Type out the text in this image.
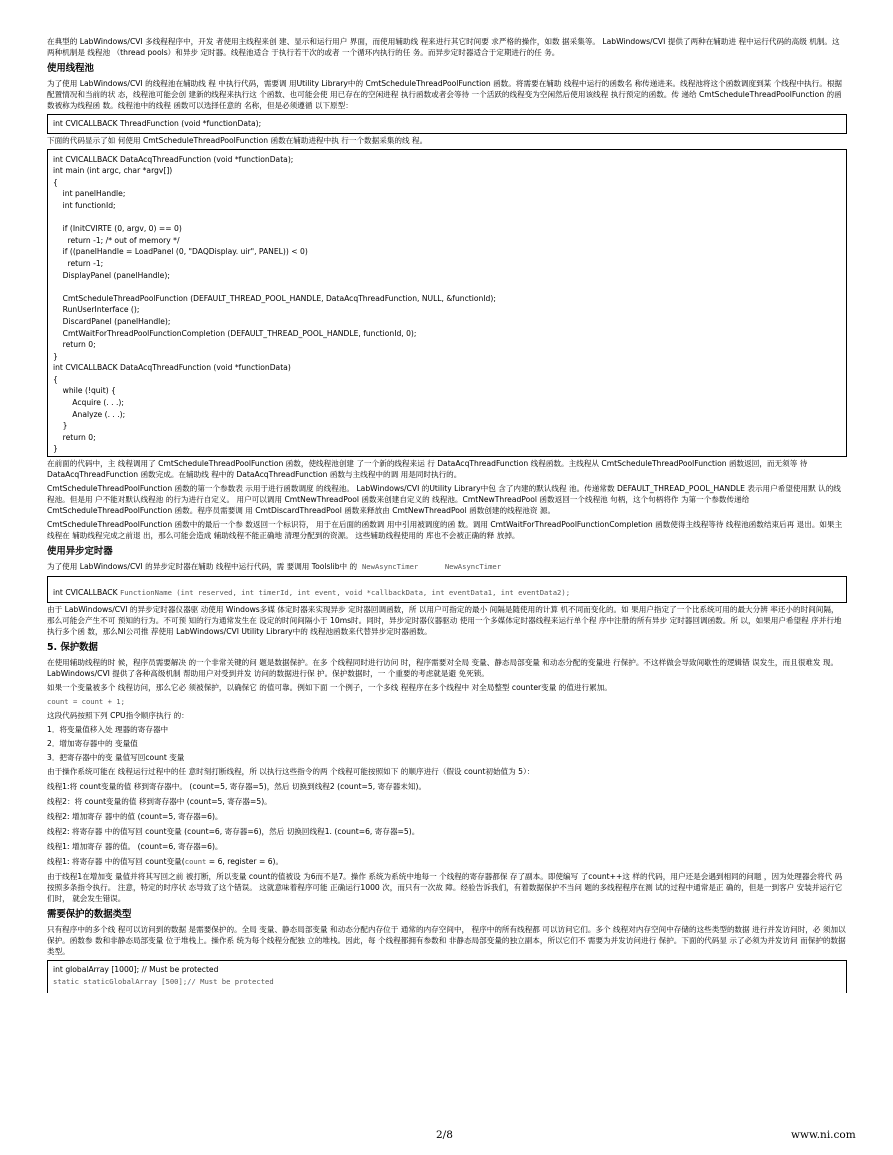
在典型的 LabWindows/CVI 多线程程序中，开发 者使用主线程来创 建、显示和运行用户 界面，而使用辅助线 程来进行其它时间要 求严格的操作，如数 据采集等。 LabWindows/CVI 提供了两种在辅助进 程中运行代码的高级 机制。这两种机制是 线程池 （thread pools）和异步 定时器。线程池适合 于执行若干次的或者 一个循环内执行的任 务。而异步定时器适合于定期进行的任 务。

使用线程池

为了使用 LabWindows/CVI 的线程池在辅助线 程 中执行代码，需要调 用Utility Library中的 CmtScheduleThreadPoolFunction 函数。将需要在辅助 线程中运行的函数名 称传递进来。线程池将这个函数调度到某 个线程中执行。根据 配置情况和当前的状 态，线程池可能会创 建新的线程来执行这 个函数、也可能会使 用已存在的空闲进程 执行函数或者会等待 一个活跃的线程变为空闲然后使用该线程 执行预定的函数。传 递给 CmtScheduleThreadPoolFunction 的函数被称为线程函 数。线程池中的线程 函数可以选择任意的 名称，但是必须遵循 以下原型：

int CVICALLBACK ThreadFunction (void *functionData);

下面的代码显示了如 何使用 CmtScheduleThreadPoolFunction 函数在辅助进程中执 行一个数据采集的线 程。

int CVICALLBACK DataAcqThreadFunction (void *functionData);
int main (int argc, char *argv[])
{
int panelHandle;
int functionId;

if (InitCVIRTE (0, argv, 0) == 0)
return -1; /* out of memory */
if ((panelHandle = LoadPanel (0, "DAQDisplay. uir", PANEL)) < 0)
return -1;
DisplayPanel (panelHandle);

CmtScheduleThreadPoolFunction (DEFAULT_THREAD_POOL_HANDLE, DataAcqThreadFunction, NULL, &functionId);
RunUserInterface ();
DiscardPanel (panelHandle);
CmtWaitForThreadPoolFunctionCompletion (DEFAULT_THREAD_POOL_HANDLE, functionId, 0);
return 0;
}
int CVICALLBACK DataAcqThreadFunction (void *functionData)
{
while (!quit) {
Acquire (. . .);
Analyze (. . .);
}
return 0;
}

在前面的代码中，主 线程调用了 CmtScheduleThreadPoolFunction 函数，使线程池创建 了一个新的线程来运 行 DataAcqThreadFunction 线程函数。主线程从 CmtScheduleThreadPoolFunction 函数返回，而无须等 待 DataAcqThreadFunction 函数完成。在辅助线 程中的 DataAcqThreadFunction 函数与主线程中的调 用是同时执行的。

CmtScheduleThreadPoolFunction 函数的第一个参数表 示用于进行函数调度 的线程池。 LabWindows/CVI 的Utility Library中包 含了内建的默认线程 池。传递常数 DEFAULT_THREAD_POOL_HANDLE 表示用户希望使用默 认的线程池。但是用 户不能对默认线程池 的行为进行自定义。 用户可以调用 CmtNewThreadPool 函数来创建自定义的 线程池。CmtNewThreadPool 函数返回一个线程池 句柄，这个句柄将作 为第一个参数传递给 CmtScheduleThreadPoolFunction 函数。程序员需要调 用 CmtDiscardThreadPool 函数来释放由 CmtNewThreadPool 函数创建的线程池资 源。

CmtScheduleThreadPoolFunction 函数中的最后一个参 数返回一个标识符， 用于在后面的函数调 用中引用被调度的函 数。调用 CmtWaitForThreadPoolFunctionCompletion 函数使得主线程等待 线程池函数结束后再 退出。如果主线程在 辅助线程完成之前退 出，那么可能会造成 辅助线程不能正确地 清理分配到的资源。 这些辅助线程使用的 库也不会被正确的释 放掉。

使用异步定时器

为了使用 LabWindows/CVI 的异步定时器在辅助 线程中运行代码，需 要调用 Toolslib中 的 NewAsyncTimer	NewAsyncTimer

int CVICALLBACK FunctionName (int reserved, int timerId, int event, void *callbackData, int eventData1, int eventData2);

由于 LabWindows/CVI 的异步定时器仪器驱 动使用 Windows多媒 体定时器来实现异步 定时器回调函数，所 以用户可指定的最小 间隔是随使用的计算 机不同而变化的。如 果用户指定了一个比系统可用的最大分辨 率还小的时间间隔， 那么可能会产生不可 预知的行为。不可预 知的行为通常发生在 设定的时间间隔小于 10ms时。同时，异步定时器仪器驱动 使用一个多媒体定时器线程来运行单个程 序中注册的所有异步 定时器回调函数。所 以，如果用户希望程 序并行地执行多个函 数，那么NI公司推 荐使用 LabWindows/CVI Utility Library中的 线程池函数来代替异步定时器函数。

5. 保护数据

在使用辅助线程的时 候，程序员需要解决 的一个非常关键的问 题是数据保护。在多 个线程同时进行访问 时，程序需要对全局 变量、静态局部变量 和动态分配的变量进 行保护。不这样做会导致间歇性的逻辑错 误发生，而且很难发 现。 LabWindows/CVI 提供了各种高级机制 帮助用户对受到并发 访问的数据进行保 护。保护数据时，一 个重要的考虑就是避 免死锁。

如果一个变量被多个 线程访问，那么它必 须被保护，以确保它 的值可靠。例如下面 一个例子，一个多线 程程序在多个线程中 对全局整型 counter变量 的值进行累加。

count = count + 1;

这段代码按照下列 CPU指令顺序执行 的：

1．将变量值移入处 理器的寄存器中

2．增加寄存器中的 变量值

3．把寄存器中的变 量值写回count 变量

由于操作系统可能在 线程运行过程中的任 意时刻打断线程，所 以执行这些指令的两 个线程可能按照如下 的顺序进行（假设 count初始值为 5）：

线程1:将 count变量的值 移到寄存器中。 (count=5, 寄存器=5)，然后 切换到线程2 (count=5, 寄存器未知)。

线程2：将 count变量的值 移到寄存器中 (count=5, 寄存器=5)。

线程2: 增加寄存 器中的值 (count=5, 寄存器=6)。

线程2: 将寄存器 中的值写回 count变量 (count=6, 寄存器=6)，然后 切换回线程1. (count=6, 寄存器=5)。

线程1: 增加寄存 器的值。 (count=6, 寄存器=6)。

线程1: 将寄存器 中的值写回 count变量(count = 6, register = 6)。

由于线程1在增加变 量值并将其写回之前 被打断，所以变量 count的值被设 为6而不是7。操作 系统为系统中地每一 个线程的寄存器都保 存了副本。即使编写 了count++这 样的代码，用户还是会遇到相同的问题 ，因为处理器会将代 码 按照多条指令执行。 注意，特定的时序状 态导致了这个错误。 这就意味着程序可能 正确运行1000 次，而只有一次故 障。经验告诉我们，有着数据保护不当问 题的多线程程序在测 试的过程中通常是正 确的，但是一到客户 安装并运行它们时， 就会发生错误。

需要保护的数据类型

只有程序中的多个线 程可以访问到的数据 是需要保护的。全局 变量、静态局部变量 和动态分配内存位于 通常的内存空间中， 程序中的所有线程都 可以访问它们。多个 线程对内存空间中存储的这些类型的数据 进行并发访问时，必 须加以保护。函数参 数和非静态局部变量 位于堆栈上。操作系 统为每个线程分配独 立的堆栈。因此，每 个线程都拥有参数和 非静态局部变量的独立副本，所以它们不 需要为并发访问进行 保护。下面的代码显 示了必须为并发访问 而保护的数据类型。

int globalArray [1000]; // Must be protected
static staticGlobalArray [500];// Must be protected
2/8	www.ni.com
